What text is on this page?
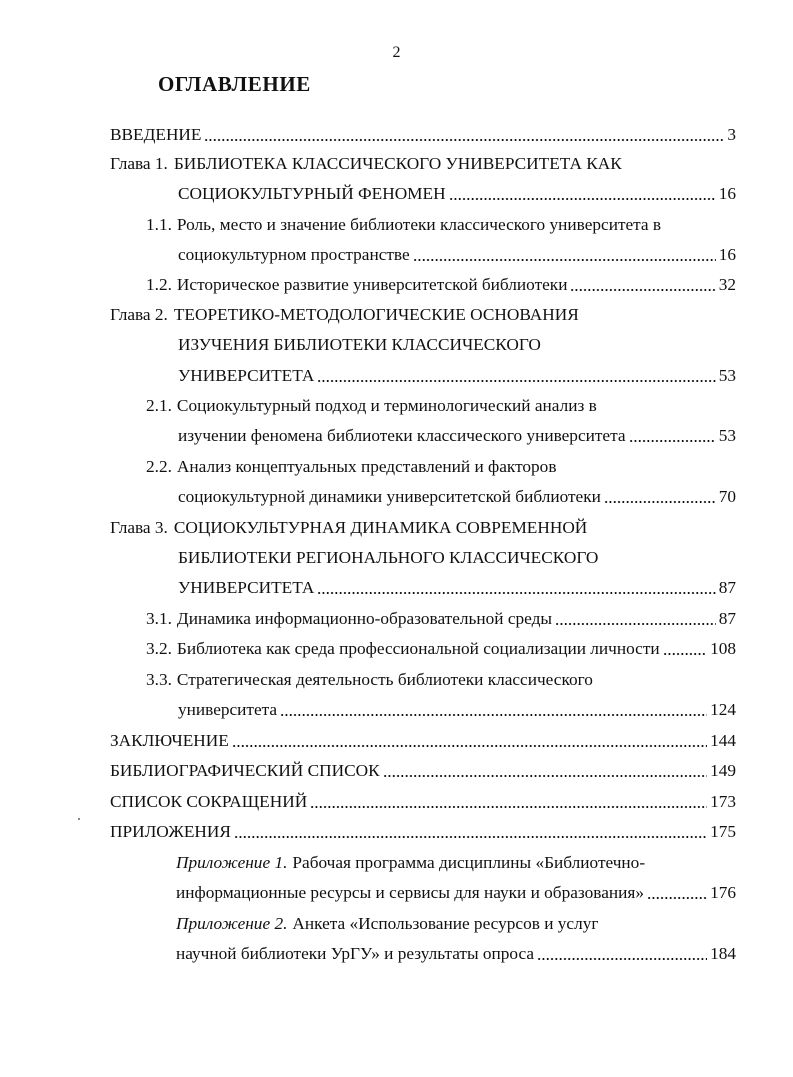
2
ОГЛАВЛЕНИЕ
ВВЕДЕНИЕ	3
Глава 1. БИБЛИОТЕКА КЛАССИЧЕСКОГО УНИВЕРСИТЕТА КАК
СОЦИОКУЛЬТУРНЫЙ ФЕНОМЕН	16
1.1. Роль, место и значение библиотеки классического университета в
социокультурном пространстве	16
1.2. Историческое развитие университетской библиотеки	32
Глава 2. ТЕОРЕТИКО-МЕТОДОЛОГИЧЕСКИЕ ОСНОВАНИЯ
ИЗУЧЕНИЯ БИБЛИОТЕКИ КЛАССИЧЕСКОГО
УНИВЕРСИТЕТА	53
2.1. Социокультурный подход и терминологический анализ в
изучении феномена библиотеки классического университета	53
2.2. Анализ концептуальных представлений и факторов
социокультурной динамики университетской библиотеки	70
Глава 3. СОЦИОКУЛЬТУРНАЯ ДИНАМИКА СОВРЕМЕННОЙ
БИБЛИОТЕКИ РЕГИОНАЛЬНОГО КЛАССИЧЕСКОГО
УНИВЕРСИТЕТА	87
3.1. Динамика информационно-образовательной среды	87
3.2. Библиотека как среда профессиональной социализации личности	108
3.3. Стратегическая деятельность библиотеки классического
университета	124
ЗАКЛЮЧЕНИЕ	144
БИБЛИОГРАФИЧЕСКИЙ СПИСОК	149
СПИСОК СОКРАЩЕНИЙ	173
ПРИЛОЖЕНИЯ	175
Приложение 1. Рабочая программа дисциплины «Библиотечно-
информационные ресурсы и сервисы для науки и образования»	176
Приложение 2. Анкета «Использование ресурсов и услуг
научной библиотеки УрГУ» и результаты опроса	184
